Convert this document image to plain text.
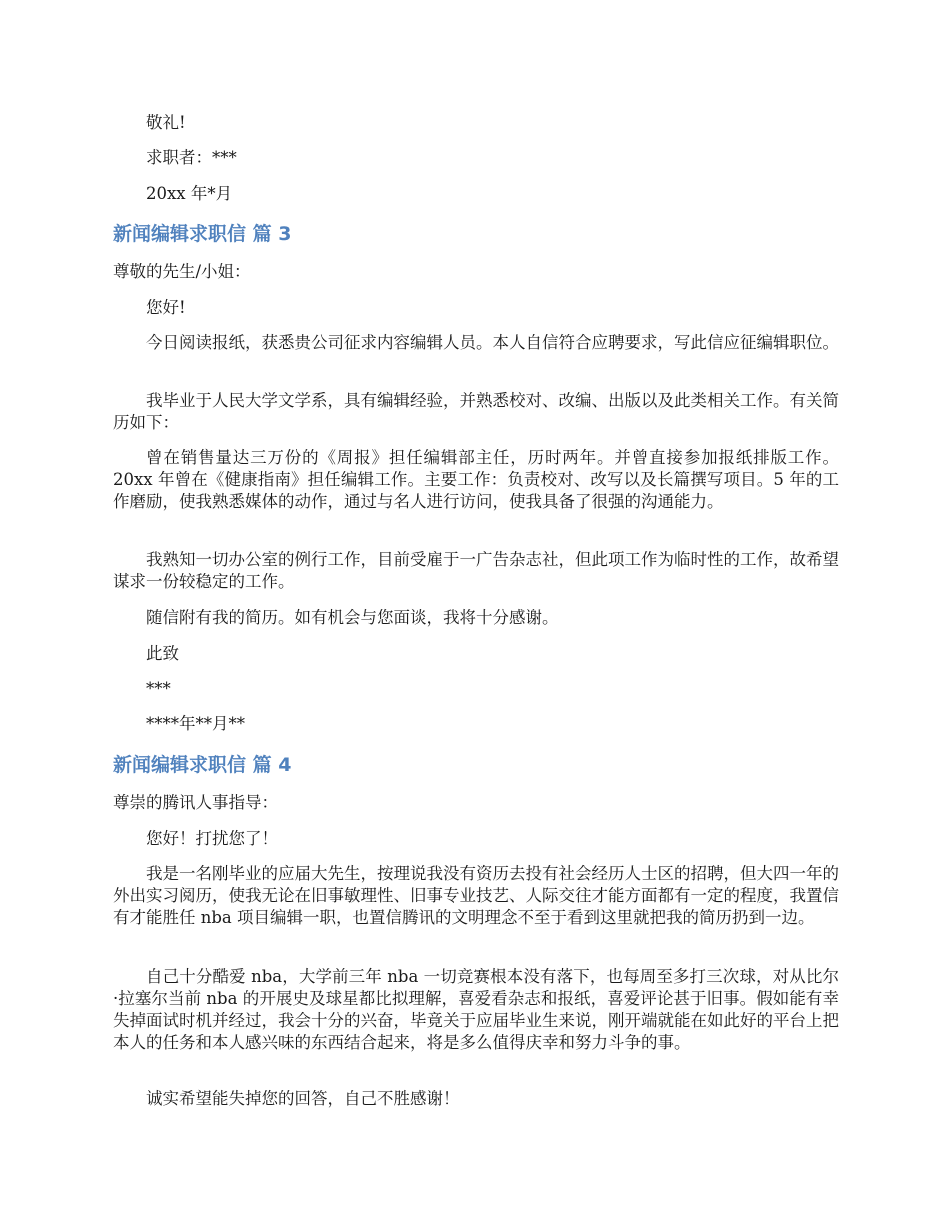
敬礼!

求职者：***

20xx 年*月

新闻编辑求职信 篇 3

尊敬的先生/小姐：

您好!

今日阅读报纸，获悉贵公司征求内容编辑人员。本人自信符合应聘要求，写此信应征编辑职位。

我毕业于人民大学文学系，具有编辑经验，并熟悉校对、改编、出版以及此类相关工作。有关简历如下：

曾在销售量达三万份的《周报》担任编辑部主任，历时两年。并曾直接参加报纸排版工作。 20xx 年曾在《健康指南》担任编辑工作。主要工作：负责校对、改写以及长篇撰写项目。5 年的工作磨励，使我熟悉媒体的动作，通过与名人进行访问，使我具备了很强的沟通能力。

我熟知一切办公室的例行工作，目前受雇于一广告杂志社，但此项工作为临时性的工作，故希望谋求一份较稳定的工作。

随信附有我的简历。如有机会与您面谈，我将十分感谢。

此致

***

****年**月**

新闻编辑求职信 篇 4

尊崇的腾讯人事指导：

您好！打扰您了！

我是一名刚毕业的应届大先生，按理说我没有资历去投有社会经历人士区的招聘，但大四一年的外出实习阅历，使我无论在旧事敏理性、旧事专业技艺、人际交往才能方面都有一定的程度，我置信有才能胜任 nba 项目编辑一职，也置信腾讯的文明理念不至于看到这里就把我的简历扔到一边。

自己十分酷爱 nba，大学前三年 nba 一切竞赛根本没有落下，也每周至多打三次球，对从比尔·拉塞尔当前 nba 的开展史及球星都比拟理解，喜爱看杂志和报纸，喜爱评论甚于旧事。假如能有幸失掉面试时机并经过，我会十分的兴奋，毕竟关于应届毕业生来说，刚开端就能在如此好的平台上把本人的任务和本人感兴味的东西结合起来，将是多么值得庆幸和努力斗争的事。

诚实希望能失掉您的回答，自己不胜感谢！
